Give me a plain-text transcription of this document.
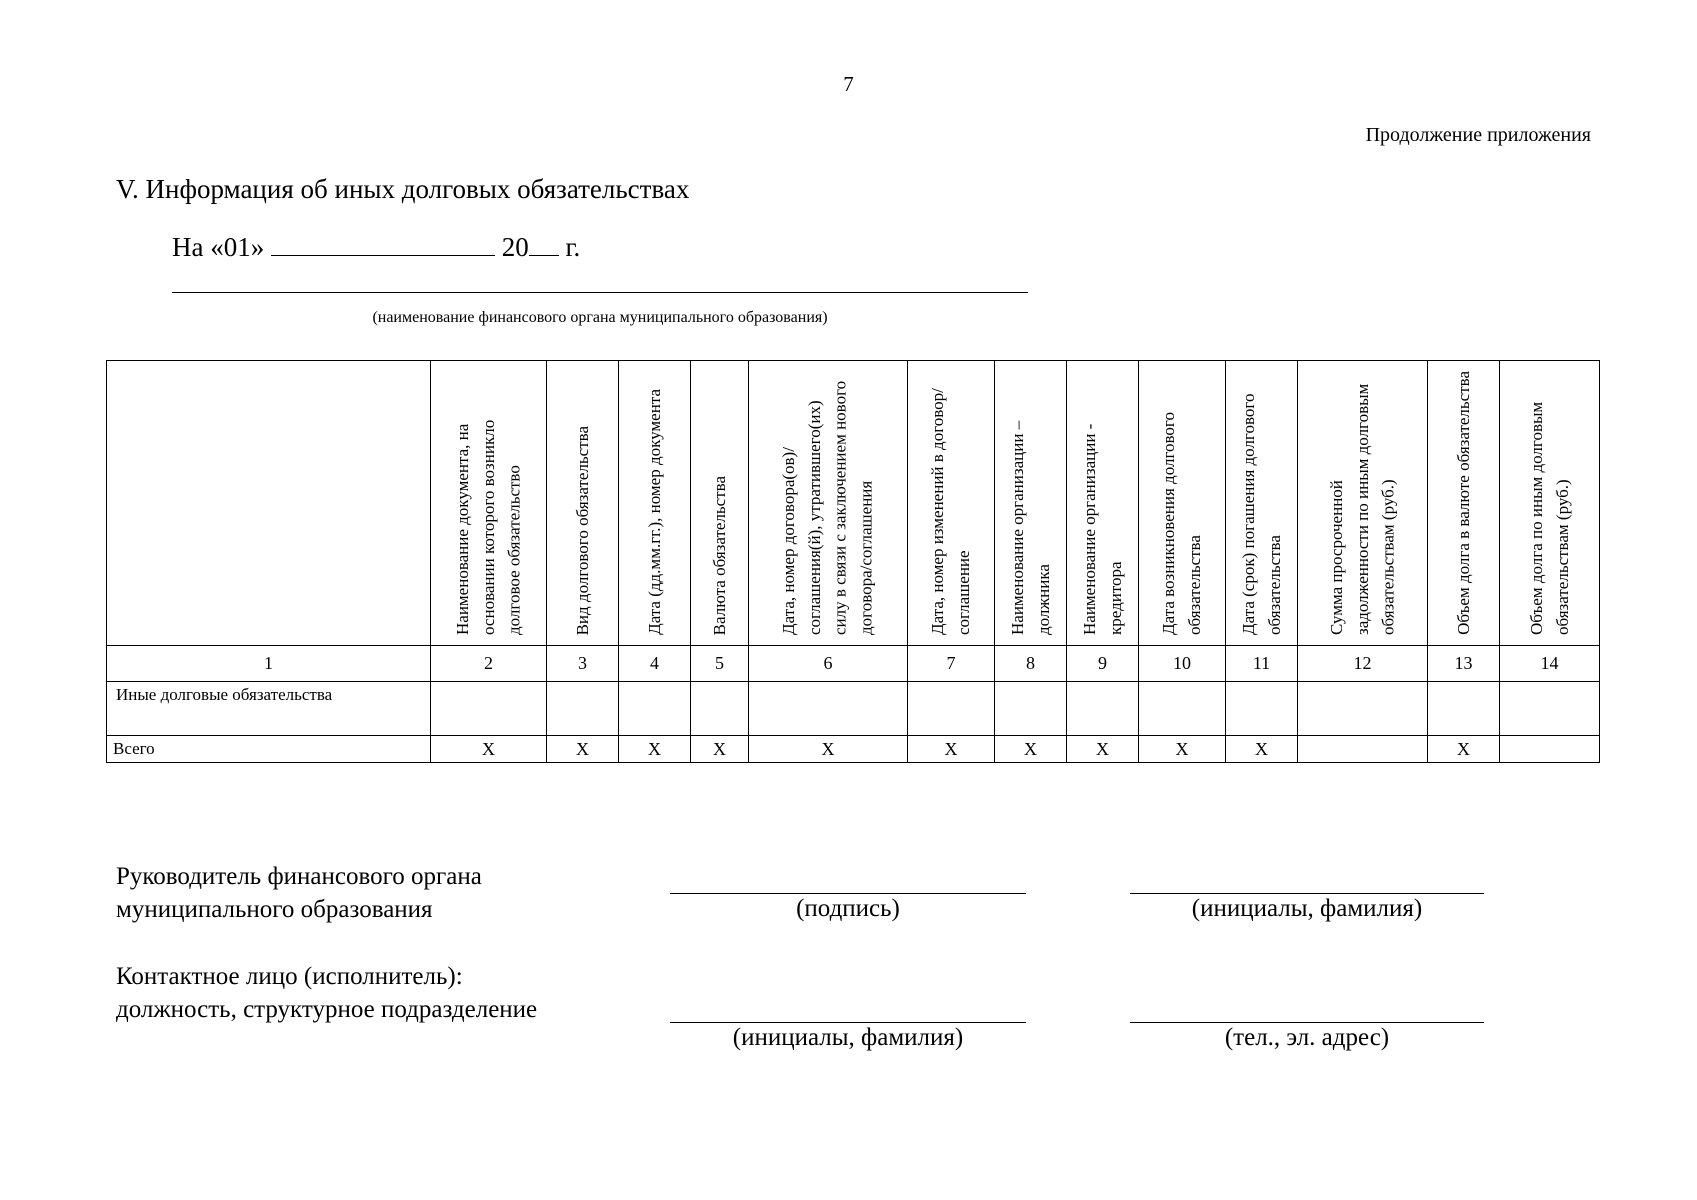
7
Продолжение приложения
V. Информация об иных долговых обязательствах
На «01»	20 г.
(наименование финансового органа муниципального образования)

	Наименование документа, на основании которого возникло долговое обязательство	Вид долгового обязательства	Дата (дд.мм.гг.), номер документа	Валюта обязательства	Дата, номер договора(ов)/соглашения(й), утратившего(их) силу в связи с заключением нового договора/соглашения	Дата, номер изменений в договор/соглашение	Наименование организации – должника	Наименование организации - кредитора	Дата возникновения долгового обязательства	Дата (срок) погашения долгового обязательства	Сумма просроченной задолженности по иным долговым обязательствам (руб.)	Объем долга в валюте обязательства	Объем долга по иным долговым обязательствам (руб.)

1	2	3	4	5	6	7	8	9	10	11	12	13	14
Иные долговые обязательства													
Всего	X	X	X	X	X	X	X	X	X	X		X	
Руководитель финансового органа
муниципального образования	(подпись)	(инициалы, фамилия)
Контактное лицо (исполнитель):
должность, структурное подразделение
(инициалы, фамилия)	(тел., эл. адрес)
